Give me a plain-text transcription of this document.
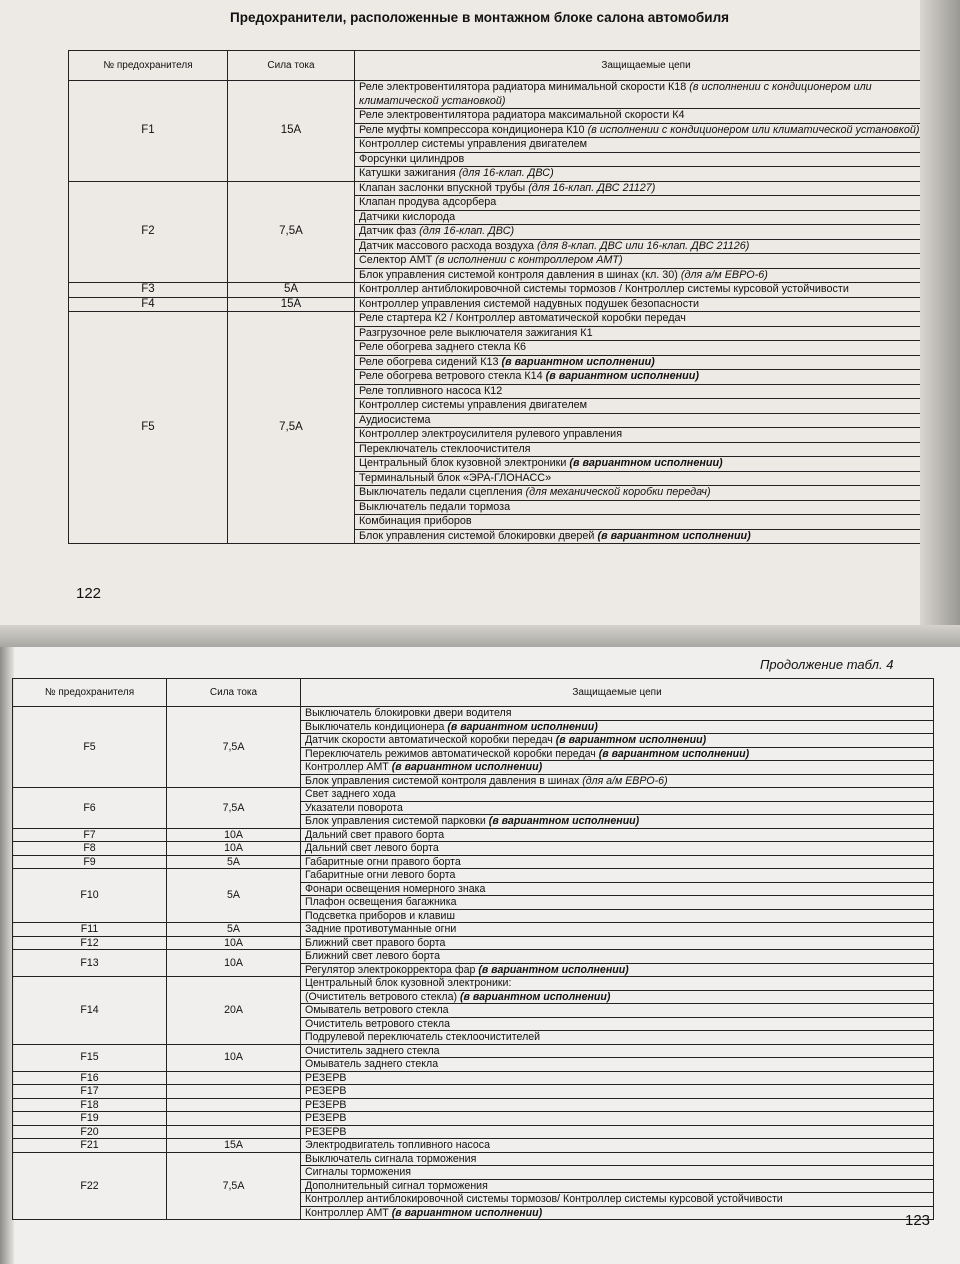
Предохранители, расположенные в монтажном блоке салона автомобиля
№ предохранителя	Сила тока	Защищаемые цепи
F1	15А	Реле электровентилятора радиатора минимальной скорости К18 (в исполнении с кондиционером или климатической установкой)
		Реле электровентилятора радиатора максимальной скорости К4
		Реле муфты компрессора кондиционера К10 (в исполнении с кондиционером или климатической установкой)
		Контроллер системы управления двигателем
		Форсунки цилиндров
		Катушки зажигания (для 16-клап. ДВС)
F2	7,5А	Клапан заслонки впускной трубы (для 16-клап. ДВС 21127)
		Клапан продува адсорбера
		Датчики кислорода
		Датчик фаз (для 16-клап. ДВС)
		Датчик массового расхода воздуха (для 8-клап. ДВС или 16-клап. ДВС 21126)
		Селектор АМТ (в исполнении с контроллером АМТ)
		Блок управления системой контроля давления в шинах (кл. 30) (для а/м ЕВРО-6)
F3	5А	Контроллер антиблокировочной системы тормозов / Контроллер системы курсовой устойчивости
F4	15А	Контроллер управления системой надувных подушек безопасности
F5	7,5А	Реле стартера К2 / Контроллер автоматической коробки передач
		Разгрузочное реле выключателя зажигания К1
		Реле обогрева заднего стекла К6
		Реле обогрева сидений К13 (в вариантном исполнении)
		Реле обогрева ветрового стекла К14 (в вариантном исполнении)
		Реле топливного насоса К12
		Контроллер системы управления двигателем
		Аудиосистема
		Контроллер электроусилителя рулевого управления
		Переключатель стеклоочистителя
		Центральный блок кузовной электроники (в вариантном исполнении)
		Терминальный блок «ЭРА-ГЛОНАСС»
		Выключатель педали сцепления (для механической коробки передач)
		Выключатель педали тормоза
		Комбинация приборов
		Блок управления системой блокировки дверей (в вариантном исполнении)
122
Продолжение табл. 4
№ предохранителя	Сила тока	Защищаемые цепи
F5	7,5А	Выключатель блокировки двери водителя
		Выключатель кондиционера (в вариантном исполнении)
		Датчик скорости автоматической коробки передач (в вариантном исполнении)
		Переключатель режимов автоматической коробки передач (в вариантном исполнении)
		Контроллер АМТ (в вариантном исполнении)
		Блок управления системой контроля давления в шинах (для а/м ЕВРО-6)
F6	7,5А	Свет заднего хода
		Указатели поворота
		Блок управления системой парковки (в вариантном исполнении)
F7	10А	Дальний свет правого борта
F8	10А	Дальний свет левого борта
F9	5А	Габаритные огни правого борта
F10	5А	Габаритные огни левого борта
		Фонари освещения номерного знака
		Плафон освещения багажника
		Подсветка приборов и клавиш
F11	5А	Задние противотуманные огни
F12	10А	Ближний свет правого борта
F13	10А	Ближний свет левого борта
		Регулятор электрокорректора фар (в вариантном исполнении)
F14	20А	Центральный блок кузовной электроники:
		(Очиститель ветрового стекла) (в вариантном исполнении)
		Омыватель ветрового стекла
		Очиститель ветрового стекла
		Подрулевой переключатель стеклоочистителей
F15	10А	Очиститель заднего стекла
		Омыватель заднего стекла
F16		РЕЗЕРВ
F17		РЕЗЕРВ
F18		РЕЗЕРВ
F19		РЕЗЕРВ
F20		РЕЗЕРВ
F21	15А	Электродвигатель топливного насоса
F22	7,5А	Выключатель сигнала торможения
		Сигналы торможения
		Дополнительный сигнал торможения
		Контроллер антиблокировочной системы тормозов/ Контроллер системы курсовой устойчивости
		Контроллер АМТ (в вариантном исполнении)	123
